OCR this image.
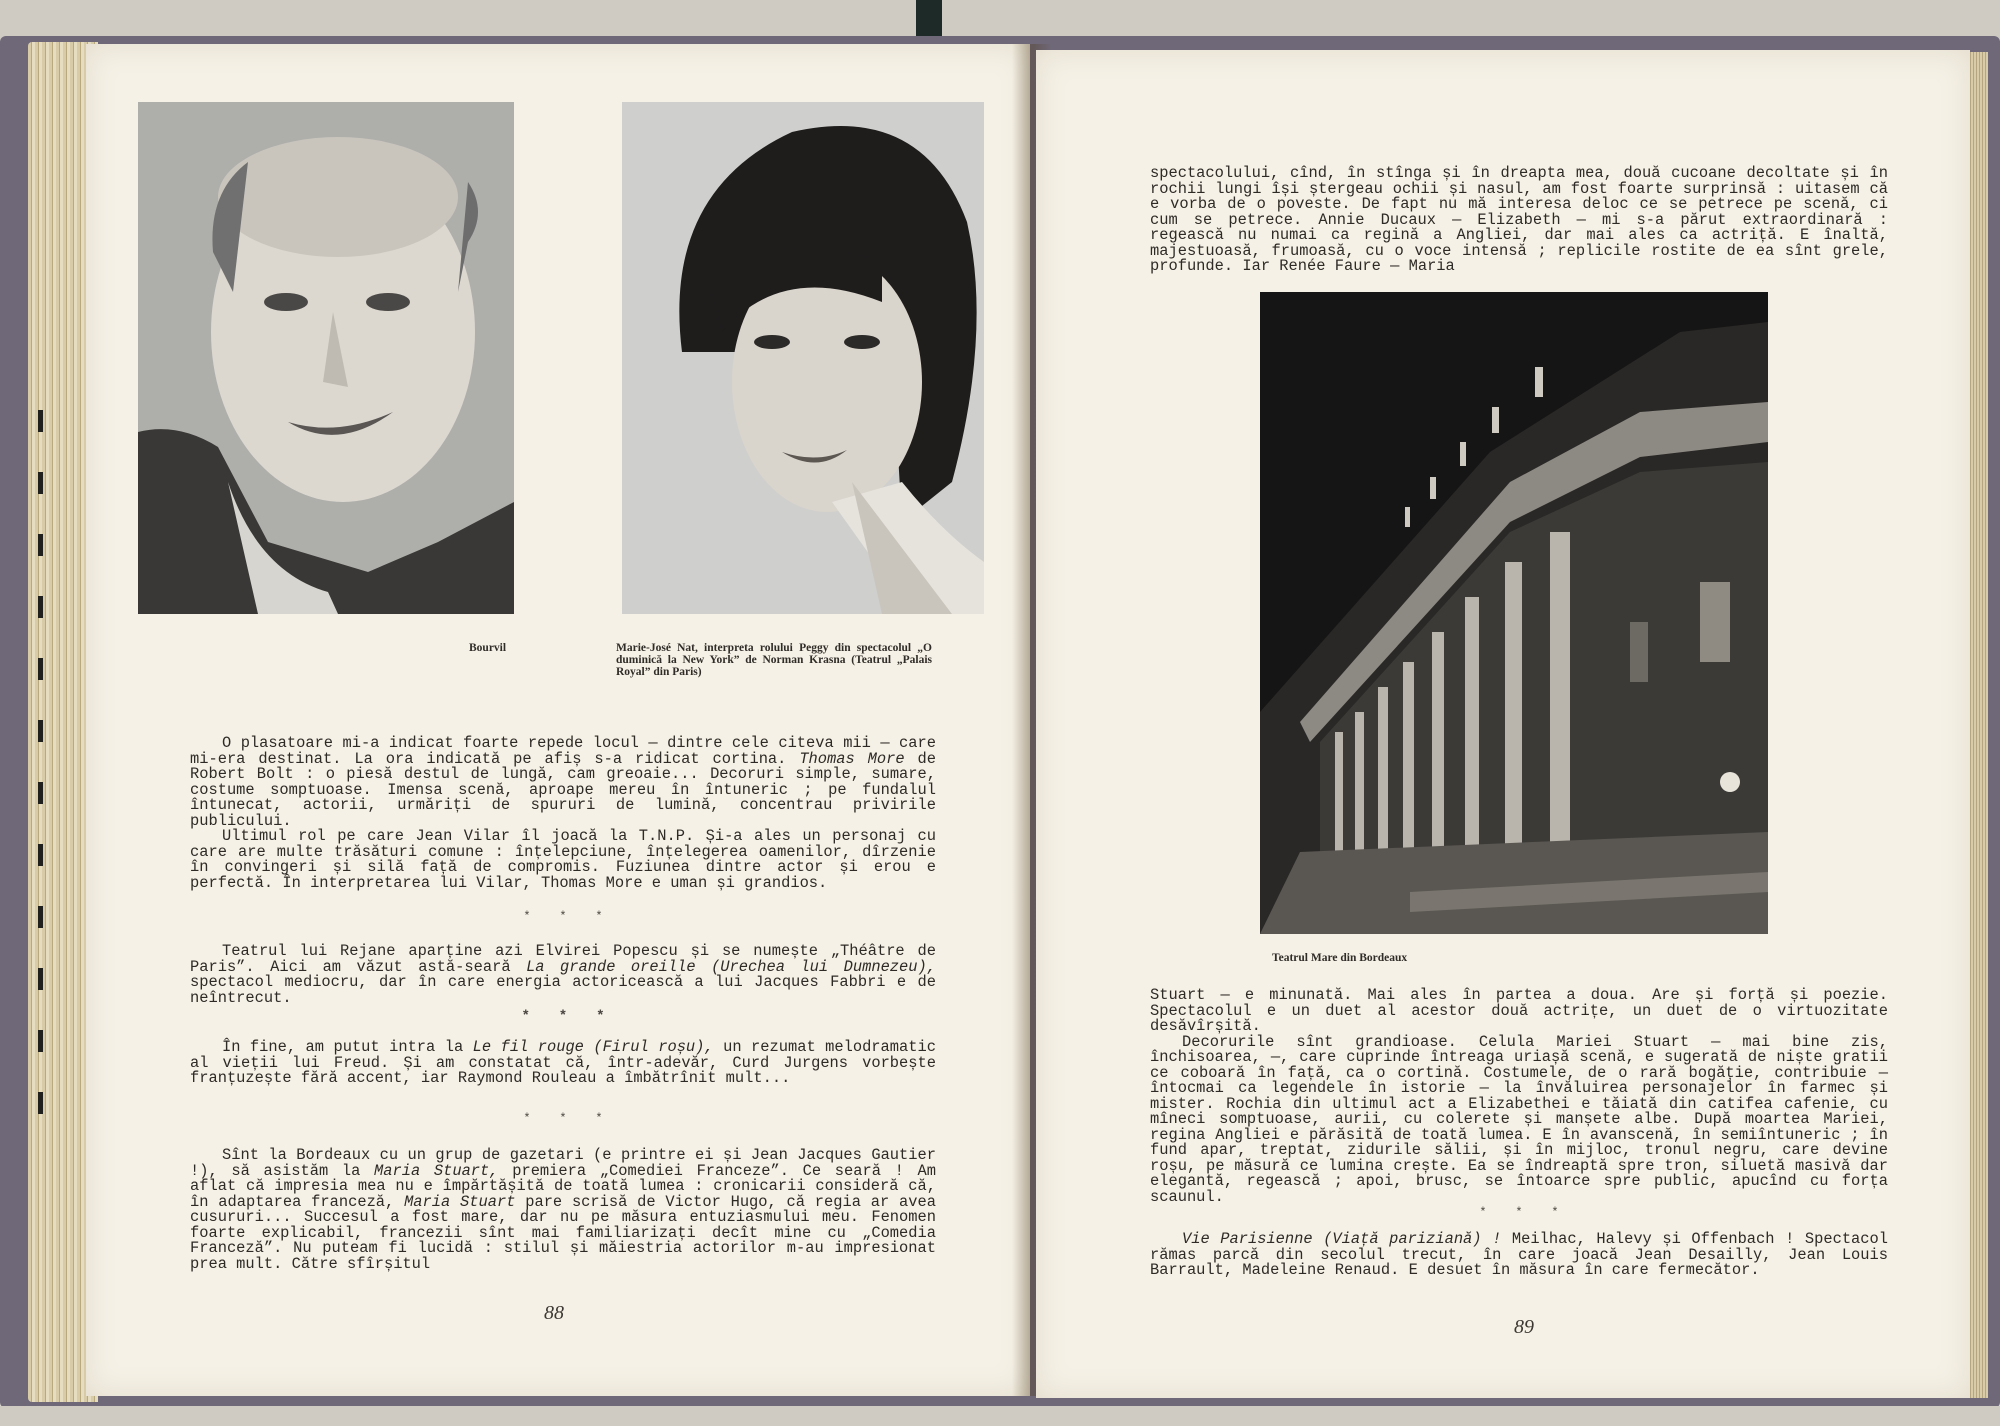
Bourvil	Marie-José Nat, interpreta rolului Peggy din spectacolul „O duminică la New York” de Norman Krasna (Teatrul „Palais Royal” din Paris)

O plasatoare mi-a indicat foarte repede locul — dintre cele citeva mii — care mi-era destinat. La ora indicată pe afiș s-a ridicat cortina. Thomas More de Robert Bolt : o piesă destul de lungă, cam greoaie... Decoruri simple, sumare, costume somptuoase. Imensa scenă, aproape mereu în întuneric ; pe fundalul întunecat, actorii, urmăriți de spururi de lumină, concentrau privirile publicului.

Ultimul rol pe care Jean Vilar îl joacă la T.N.P. Și-a ales un personaj cu care are multe trăsături comune : înțelepciune, înțelegerea oamenilor, dîrzenie în convingeri și silă față de compromis. Fuziunea dintre actor și erou e perfectă. În interpretarea lui Vilar, Thomas More e uman și grandios.

* * *

Teatrul lui Rejane aparține azi Elvirei Popescu și se numește „Théâtre de Paris”. Aici am văzut astă-seară La grande oreille (Urechea lui Dumnezeu), spectacol mediocru, dar în care energia actoricească a lui Jacques Fabbri e de neîntrecut.

* * *

În fine, am putut intra la Le fil rouge (Firul roșu), un rezumat melodramatic al vieții lui Freud. Și am constatat că, într-adevăr, Curd Jurgens vorbește franțuzește fără accent, iar Raymond Rouleau a îmbătrînit mult...

* * *

Sînt la Bordeaux cu un grup de gazetari (e printre ei și Jean Jacques Gautier !), să asistăm la Maria Stuart, premiera „Comediei Franceze”. Ce seară ! Am aflat că impresia mea nu e împărtășită de toată lumea : cronicarii consideră că, în adaptarea franceză, Maria Stuart pare scrisă de Victor Hugo, că regia ar avea cusururi... Succesul a fost mare, dar nu pe măsura entuziasmului meu. Fenomen foarte explicabil, francezii sînt mai familiarizați decît mine cu „Comedia Franceză”. Nu puteam fi lucidă : stilul și măiestria actorilor m-au impresionat prea mult. Către sfîrșitul

88

spectacolului, cînd, în stînga și în dreapta mea, două cucoane decoltate și în rochii lungi își ștergeau ochii și nasul, am fost foarte surprinsă : uitasem că e vorba de o poveste. De fapt nu mă interesa deloc ce se petrece pe scenă, ci cum se petrece. Annie Ducaux — Elizabeth — mi s-a părut extraordinară : regească nu numai ca regină a Angliei, dar mai ales ca actriță. E înaltă, majestuoasă, frumoasă, cu o voce intensă ; replicile rostite de ea sînt grele, profunde. Iar Renée Faure — Maria

Teatrul Mare din Bordeaux

Stuart — e minunată. Mai ales în partea a doua. Are și forță și poezie. Spectacolul e un duet al acestor două actrițe, un duet de o virtuozitate desăvîrșită.

Decorurile sînt grandioase. Celula Mariei Stuart — mai bine zis, închisoarea, —, care cuprinde întreaga uriașă scenă, e sugerată de niște gratii ce coboară în față, ca o cortină. Costumele, de o rară bogăție, contribuie — întocmai ca legendele în istorie — la învăluirea personajelor în farmec și mister. Rochia din ultimul act a Elizabethei e tăiată din catifea cafenie, cu mînecі somptuoase, aurii, cu colerete și manșete albe. După moartea Mariei, regina Angliei e părăsită de toată lumea. E în avanscenă, în semiîntuneric ; în fund apar, treptat, zidurile sălii, și în mijloc, tronul negru, care devine roșu, pe măsură ce lumina crește. Ea se îndreaptă spre tron, siluetă masivă dar elegantă, regească ; apoi, brusc, se întoarce spre public, apucînd cu forța scaunul.

* * *

Vie Parisienne (Viață pariziană) ! Meilhac, Halevy și Offenbach ! Spectacol rămas parcă din secolul trecut, în care joacă Jean Desailly, Jean Louis Barrault, Madeleine Renaud. E desuet în măsura în care fermecător.

89
